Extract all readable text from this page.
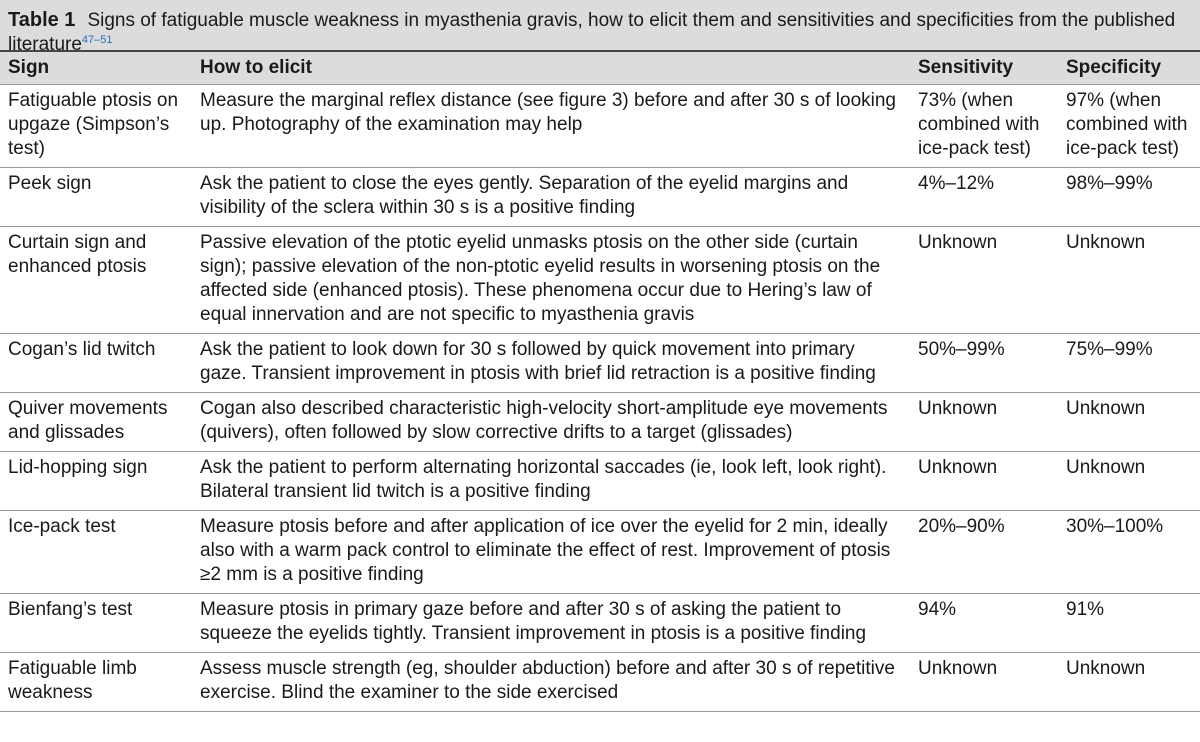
Table 1 Signs of fatiguable muscle weakness in myasthenia gravis, how to elicit them and sensitivities and specificities from the published
literature$^{47-51}$
Sign	How to elicit	Sensitivity	Specificity
Fatiguable ptosis on upgaze (Simpson’s test)	Measure the marginal reflex distance (see figure 3) before and after 30 s of looking up. Photography of the examination may help	73% (when combined with ice-pack test)	97% (when combined with ice-pack test)
Peek sign	Ask the patient to close the eyes gently. Separation of the eyelid margins and visibility of the sclera within 30 s is a positive finding	4%–12%	98%–99%
Curtain sign and enhanced ptosis	Passive elevation of the ptotic eyelid unmasks ptosis on the other side (curtain sign); passive elevation of the non-ptotic eyelid results in worsening ptosis on the affected side (enhanced ptosis). These phenomena occur due to Hering’s law of equal innervation and are not specific to myasthenia gravis	Unknown	Unknown
Cogan’s lid twitch	Ask the patient to look down for 30 s followed by quick movement into primary gaze. Transient improvement in ptosis with brief lid retraction is a positive finding	50%–99%	75%–99%
Quiver movements and glissades	Cogan also described characteristic high-velocity short-amplitude eye movements (quivers), often followed by slow corrective drifts to a target (glissades)	Unknown	Unknown
Lid-hopping sign	Ask the patient to perform alternating horizontal saccades (ie, look left, look right). Bilateral transient lid twitch is a positive finding	Unknown	Unknown
Ice-pack test	Measure ptosis before and after application of ice over the eyelid for 2 min, ideally also with a warm pack control to eliminate the effect of rest. Improvement of ptosis ≥2 mm is a positive finding	20%–90%	30%–100%
Bienfang’s test	Measure ptosis in primary gaze before and after 30 s of asking the patient to squeeze the eyelids tightly. Transient improvement in ptosis is a positive finding	94%	91%
Fatiguable limb weakness	Assess muscle strength (eg, shoulder abduction) before and after 30 s of repetitive exercise. Blind the examiner to the side exercised	Unknown	Unknown
